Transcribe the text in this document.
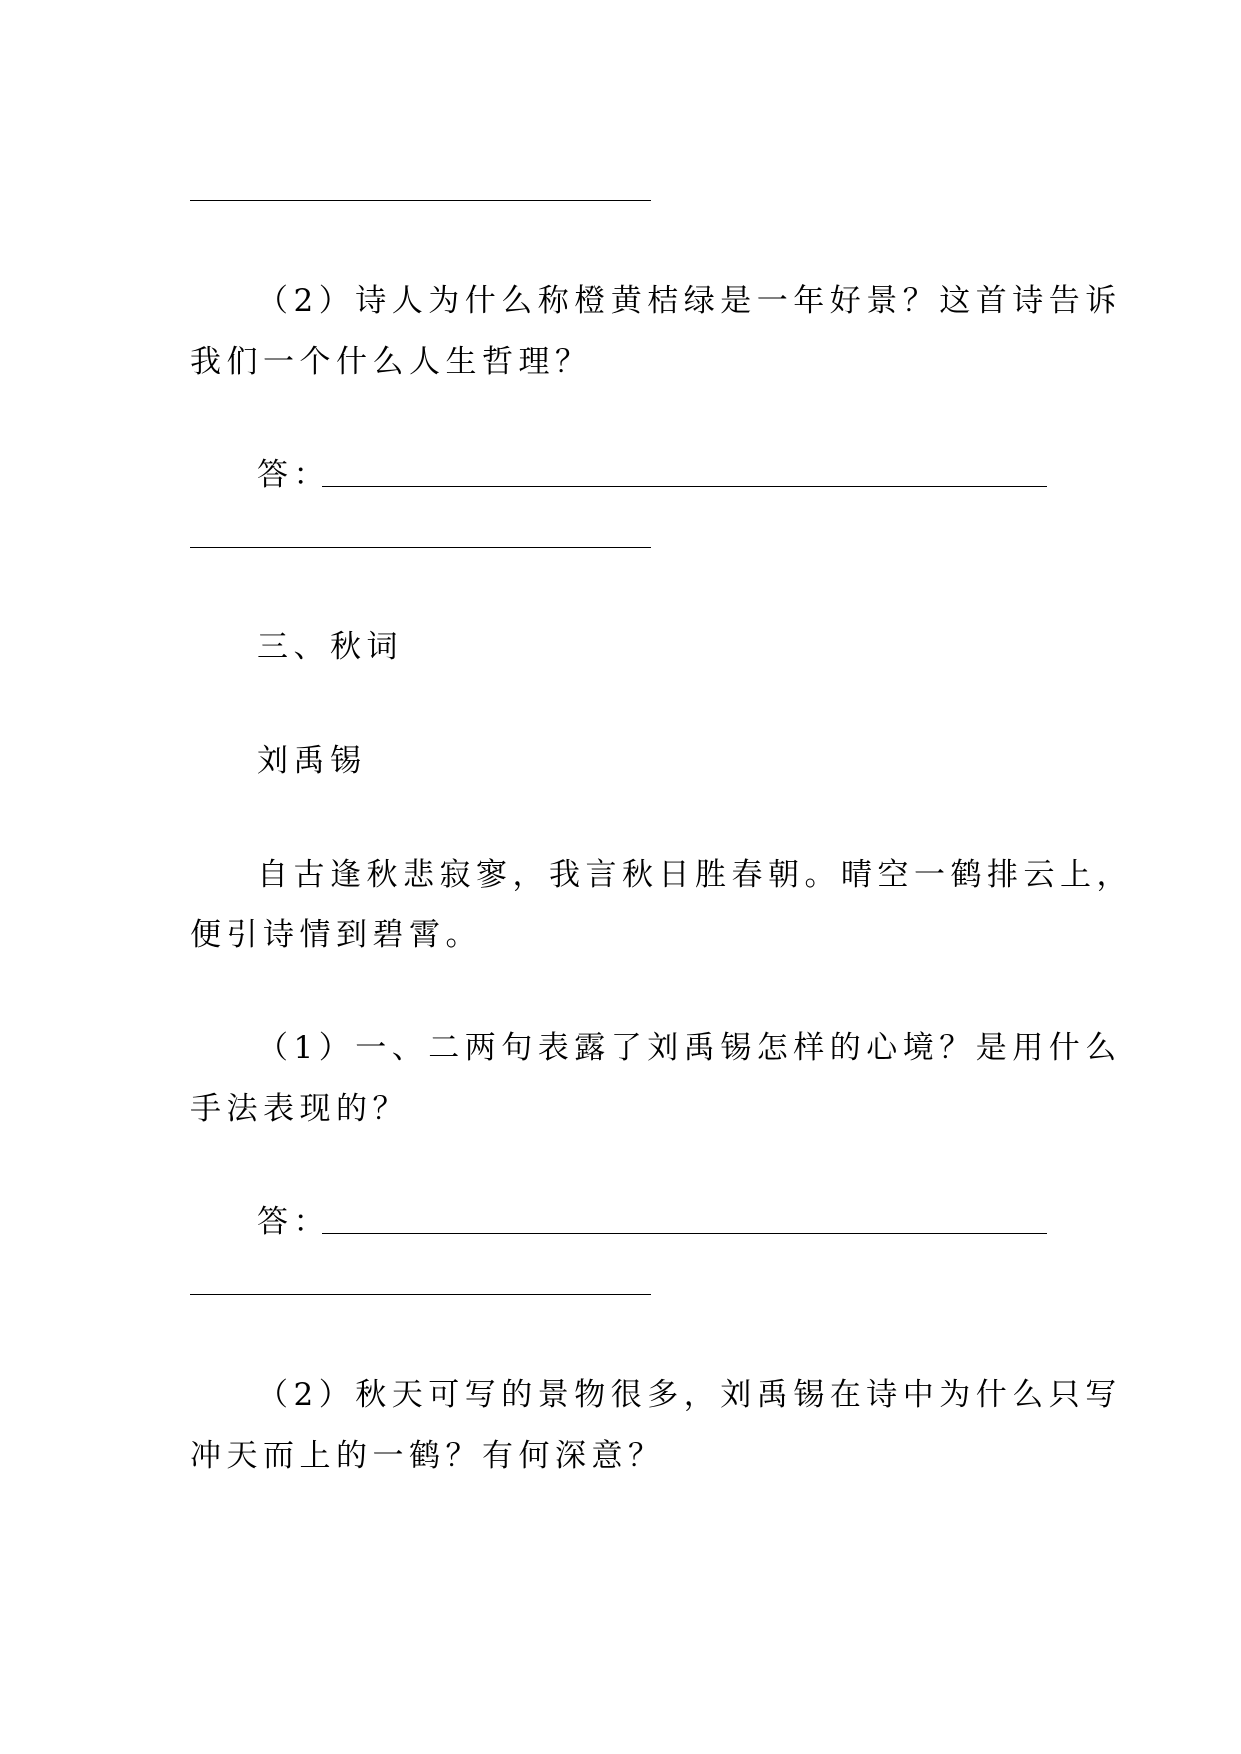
（2）诗人为什么称橙黄桔绿是一年好景？这首诗告诉
我们一个什么人生哲理？
答：
三、秋词
刘禹锡
自古逢秋悲寂寥，我言秋日胜春朝。晴空一鹤排云上，
便引诗情到碧霄。
（1）一、二两句表露了刘禹锡怎样的心境？是用什么
手法表现的？
答：
（2）秋天可写的景物很多，刘禹锡在诗中为什么只写
冲天而上的一鹤？有何深意？
